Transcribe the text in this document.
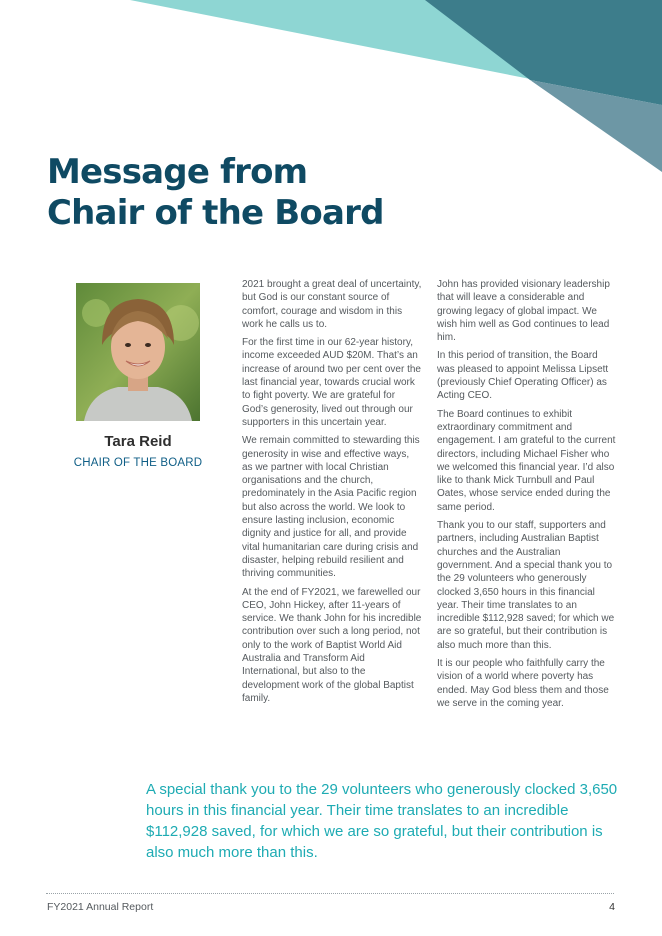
Message from
Chair of the Board
Tara Reid
CHAIR OF THE BOARD

2021 brought a great deal of uncertainty, but God is our constant source of comfort, courage and wisdom in this work he calls us to.

For the first time in our 62-year history, income exceeded AUD $20M. That’s an increase of around two per cent over the last financial year, towards crucial work to fight poverty. We are grateful for God’s generosity, lived out through our supporters in this uncertain year.

We remain committed to stewarding this generosity in wise and effective ways, as we partner with local Christian organisations and the church, predominately in the Asia Pacific region but also across the world. We look to ensure lasting inclusion, economic dignity and justice for all, and provide vital humanitarian care during crisis and disaster, helping rebuild resilient and thriving communities.

At the end of FY2021, we farewelled our CEO, John Hickey, after 11-years of service. We thank John for his incredible contribution over such a long period, not only to the work of Baptist World Aid Australia and Transform Aid International, but also to the development work of the global Baptist family.

John has provided visionary leadership that will leave a considerable and growing legacy of global impact. We wish him well as God continues to lead him.

In this period of transition, the Board was pleased to appoint Melissa Lipsett (previously Chief Operating Officer) as Acting CEO.

The Board continues to exhibit extraordinary commitment and engagement. I am grateful to the current directors, including Michael Fisher who we welcomed this financial year. I’d also like to thank Mick Turnbull and Paul Oates, whose service ended during the same period.

Thank you to our staff, supporters and partners, including Australian Baptist churches and the Australian government. And a special thank you to the 29 volunteers who generously clocked 3,650 hours in this financial year. Their time translates to an incredible $112,928 saved; for which we are so grateful, but their contribution is also much more than this.

It is our people who faithfully carry the vision of a world where poverty has ended. May God bless them and those we serve in the coming year.

A special thank you to the 29 volunteers who generously clocked 3,650 hours in this financial year. Their time translates to an incredible $112,928 saved, for which we are so grateful, but their contribution is also much more than this.

FY2021 Annual Report	4
